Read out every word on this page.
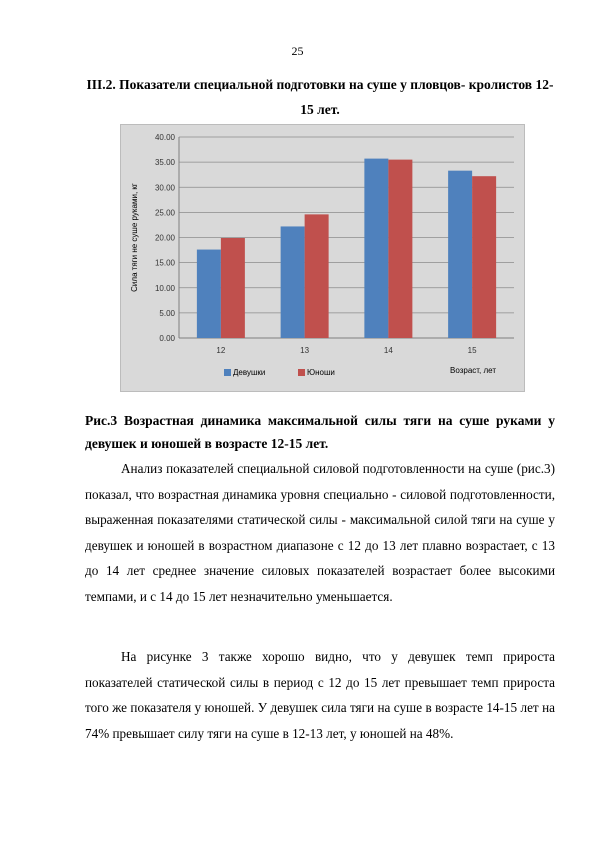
25
III.2. Показатели специальной подготовки на суше у пловцов- кролистов 12-15 лет.
0.00
5.00
10.00
15.00
20.00
25.00
30.00
35.00
40.00
12	13	14	15
Сила тяги не суше руками, кг
Девушки	Юноши	Возраст, лет
Рис.3 Возрастная динамика максимальной силы тяги на суше руками у девушек и юношей в возрасте 12-15 лет.

Анализ показателей специальной силовой подготовленности на суше (рис.3) показал, что возрастная динамика уровня специально - силовой подготовленности, выраженная показателями статической силы - максимальной силой тяги на суше у девушек и юношей в возрастном диапазоне с 12 до 13 лет плавно возрастает, с 13 до 14 лет среднее значение силовых показателей возрастает более высокими темпами, и с 14 до 15 лет незначительно уменьшается.

На рисунке 3 также хорошо видно, что у девушек темп прироста показателей статической силы в период с 12 до 15 лет превышает темп прироста того же показателя у юношей. У девушек сила тяги на суше в возрасте 14-15 лет на 74% превышает силу тяги на суше в 12-13 лет, у юношей на 48%.
